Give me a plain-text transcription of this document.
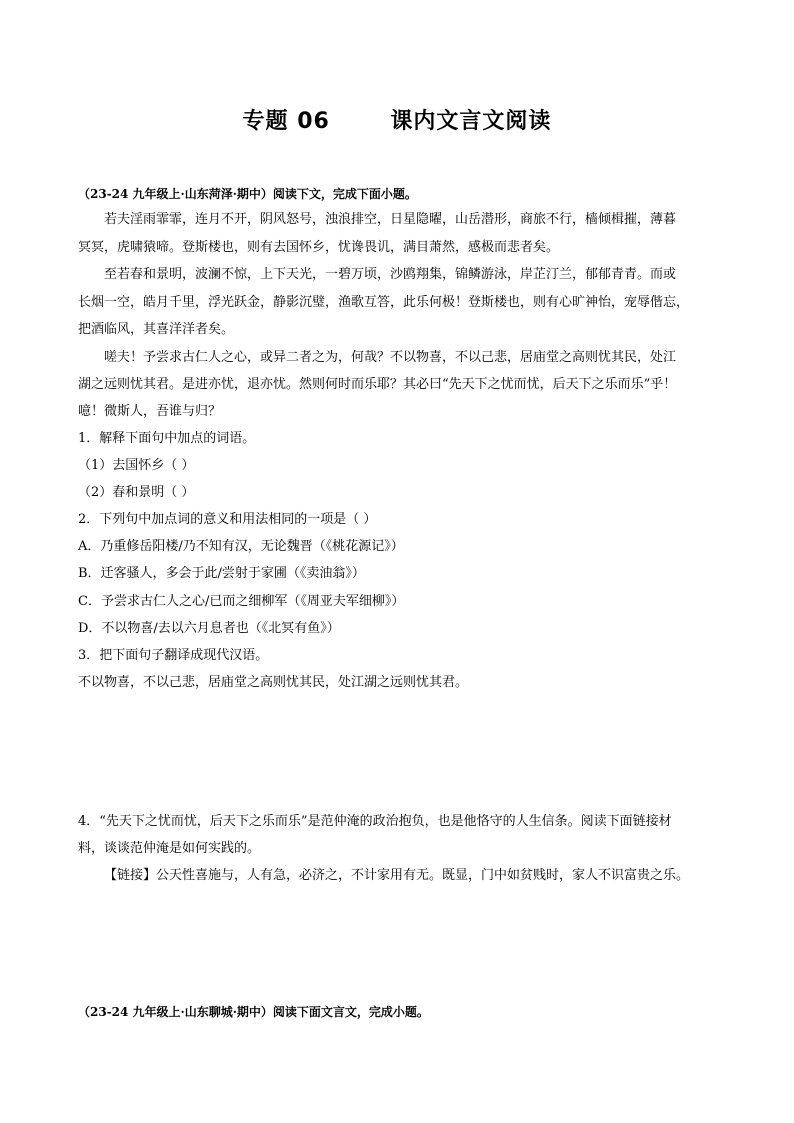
专题 06       课内文言文阅读
（23-24 九年级上·山东菏泽·期中）阅读下文，完成下面小题。
若夫淫雨霏霏，连月不开，阴风怒号，浊浪排空，日星隐曜，山岳潜形，商旅不行，樯倾楫摧，薄暮
冥冥，虎啸猿啼。登斯楼也，则有去国怀乡，忧谗畏讥，满目萧然，感极而悲者矣。
至若春和景明，波澜不惊，上下天光，一碧万顷，沙鸥翔集，锦鳞游泳，岸芷汀兰，郁郁青青。而或
长烟一空，皓月千里，浮光跃金，静影沉璧，渔歌互答，此乐何极！登斯楼也，则有心旷神怡，宠辱偕忘，
把酒临风，其喜洋洋者矣。
嗟夫！予尝求古仁人之心，或异二者之为，何哉？不以物喜，不以己悲，居庙堂之高则忧其民，处江
湖之远则忧其君。是进亦忧，退亦忧。然则何时而乐耶？其必曰“先天下之忧而忧，后天下之乐而乐”乎！
噫！微斯人，吾谁与归？
1．解释下面句中加点的词语。
（1）去国怀乡（ ）
（2）春和景明（ ）
2．下列句中加点词的意义和用法相同的一项是（ ）
A．乃重修岳阳楼/乃不知有汉，无论魏晋（《桃花源记》）
B．迁客骚人，多会于此/尝射于家圃（《卖油翁》）
C．予尝求古仁人之心/已而之细柳军（《周亚夫军细柳》）
D．不以物喜/去以六月息者也（《北冥有鱼》）
3．把下面句子翻译成现代汉语。
不以物喜，不以己悲，居庙堂之高则忧其民，处江湖之远则忧其君。
4．“先天下之忧而忧，后天下之乐而乐”是范仲淹的政治抱负，也是他恪守的人生信条。阅读下面链接材
料，谈谈范仲淹是如何实践的。
【链接】公天性喜施与，人有急，必济之，不计家用有无。既显，门中如贫贱时，家人不识富贵之乐。
（23-24 九年级上·山东聊城·期中）阅读下面文言文，完成小题。
